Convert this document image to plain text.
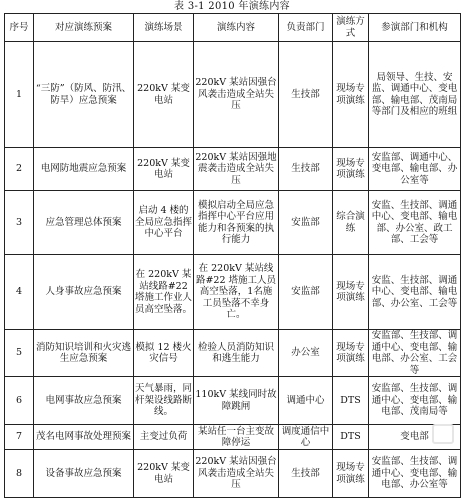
表 3-1 2010 年演练内容
序号	对应演练预案	演练场景	演练内容	负责部门	演练方式	参演部门和机构
1	“三防”（防风、防汛、防旱）应急预案	220kV 某变电站	220kV 某站因强台风袭击造成全站失压	生技部	现场专项演练	局领导、生技、安监、调通中心、变电部、输电部、茂南局等部门及相应的班组
2	电网防地震应急预案	220kV 某变电站	220kV 某站因强地震袭击造成全站失压	生技部	现场专项演练	安监部、调通中心、变电部、输电部、办公室等
3	应急管理总体预案	启动 4 楼的全局应急指挥中心平台	模拟启动全局应急指挥中心平台应用能力和各预案的执行能力	安监部	综合演练	安监、生技部、调通中心、变电部、输电部、办公室、政工部、工会等
4	人身事故应急预案	在 220kV 某站线路#22 塔施工作业人员高空坠落。	在 220kV 某站线路#22 塔施工人员高空坠落，1名施工员坠落不幸身亡。	安监部	现场专项演练	安监、生技部、调通中心、变电部、输电部、办公室、工会等
5	消防知识培训和火灾逃生应急预案	模拟 12 楼火灾信号	检验人员消防知识和逃生能力	办公室	现场专项演练	安监部、生技部、调通中心、变电部、输电部、办公室、工会等
6	电网事故应急预案	天气暴雨，同杆架设线路断线。	110kV 某线同时故障跳闸	调通中心	DTS	安监部、生技部、调通中心、变电部、输电部、茂南局等
7	茂名电网事故处理预案	主变过负荷	某站任一台主变故障停运	调度通信中心	DTS	变电部
8	设备事故应急预案	220kV 某变电站	220kV 某站因强台风袭击造成全站失压	生技部	现场专项演练	安监部、生技部、调通中心、变电部、输电部、办公室等
